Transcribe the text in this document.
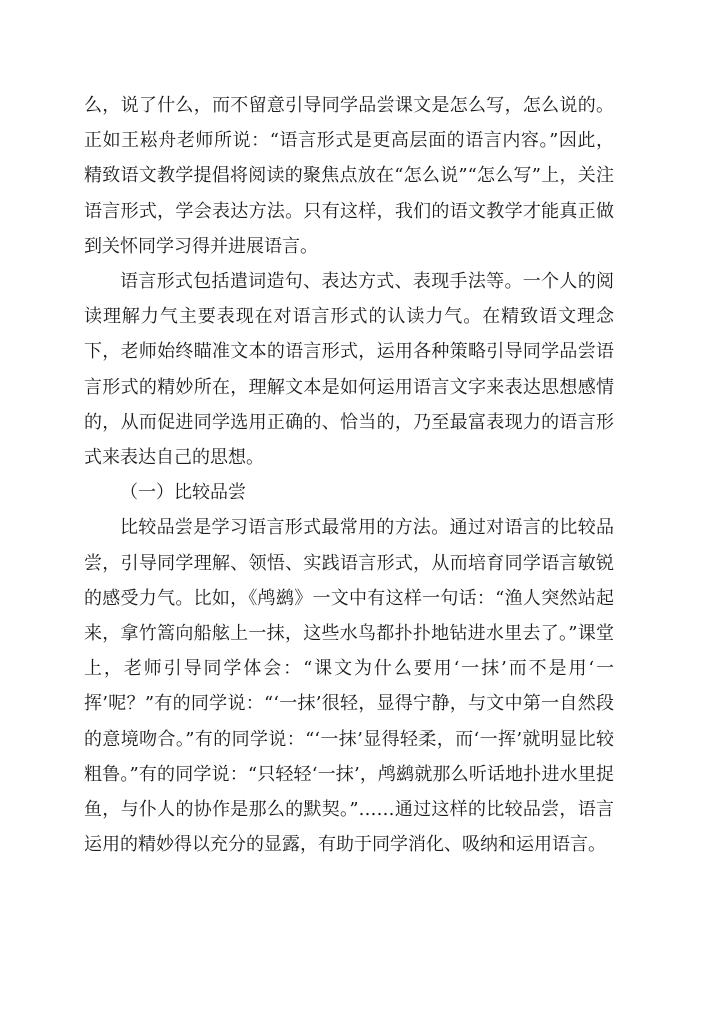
么，说了什么，而不留意引导同学品尝课文是怎么写，怎么说的。正如王崧舟老师所说：“语言形式是更高层面的语言内容。”因此，精致语文教学提倡将阅读的聚焦点放在“怎么说”“怎么写”上，关注语言形式，学会表达方法。只有这样，我们的语文教学才能真正做到关怀同学习得并进展语言。

语言形式包括遣词造句、表达方式、表现手法等。一个人的阅读理解力气主要表现在对语言形式的认读力气。在精致语文理念下，老师始终瞄准文本的语言形式，运用各种策略引导同学品尝语言形式的精妙所在，理解文本是如何运用语言文字来表达思想感情的，从而促进同学选用正确的、恰当的，乃至最富表现力的语言形式来表达自己的思想。

（一）比较品尝

比较品尝是学习语言形式最常用的方法。通过对语言的比较品尝，引导同学理解、领悟、实践语言形式，从而培育同学语言敏锐的感受力气。比如，《鸬鹚》一文中有这样一句话：“渔人突然站起来，拿竹篙向船舷上一抹，这些水鸟都扑扑地钻进水里去了。”课堂上，老师引导同学体会：“课文为什么要用‘一抹’而不是用‘一挥’呢？”有的同学说：“‘一抹’很轻，显得宁静，与文中第一自然段的意境吻合。”有的同学说：“‘一抹’显得轻柔，而‘一挥’就明显比较粗鲁。”有的同学说：“只轻轻‘一抹’，鸬鹚就那么听话地扑进水里捉鱼，与仆人的协作是那么的默契。”……通过这样的比较品尝，语言运用的精妙得以充分的显露，有助于同学消化、吸纳和运用语言。
